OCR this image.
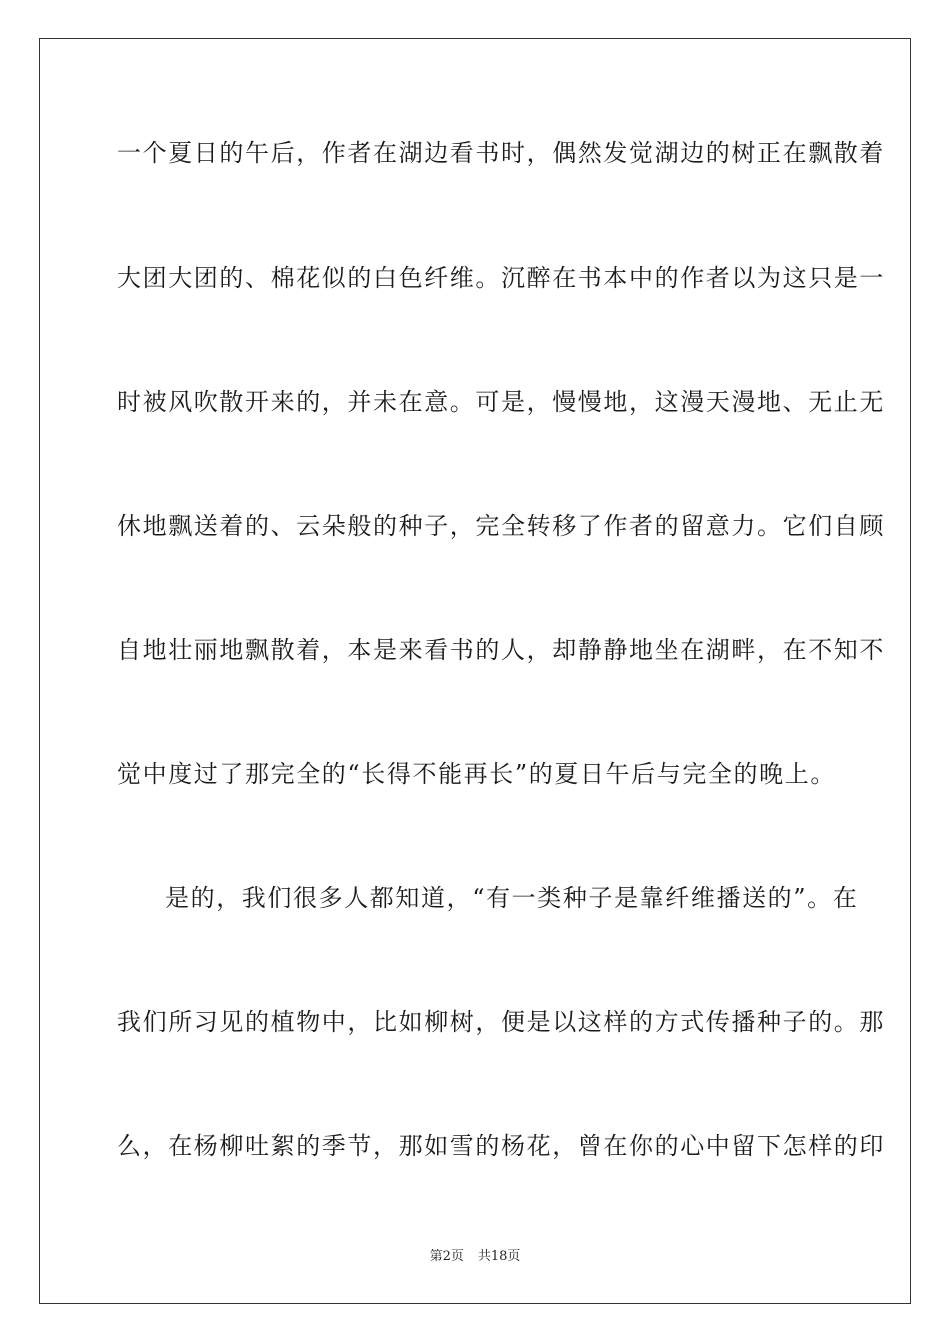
一个夏日的午后，作者在湖边看书时，偶然发觉湖边的树正在飘散着
大团大团的、棉花似的白色纤维。沉醉在书本中的作者以为这只是一
时被风吹散开来的，并未在意。可是，慢慢地，这漫天漫地、无止无
休地飘送着的、云朵般的种子，完全转移了作者的留意力。它们自顾
自地壮丽地飘散着，本是来看书的人，却静静地坐在湖畔，在不知不
觉中度过了那完全的“长得不能再长”的夏日午后与完全的晚上。
是的，我们很多人都知道，“有一类种子是靠纤维播送的”。在
我们所习见的植物中，比如柳树，便是以这样的方式传播种子的。那
么，在杨柳吐絮的季节，那如雪的杨花，曾在你的心中留下怎样的印
第2页 共18页
